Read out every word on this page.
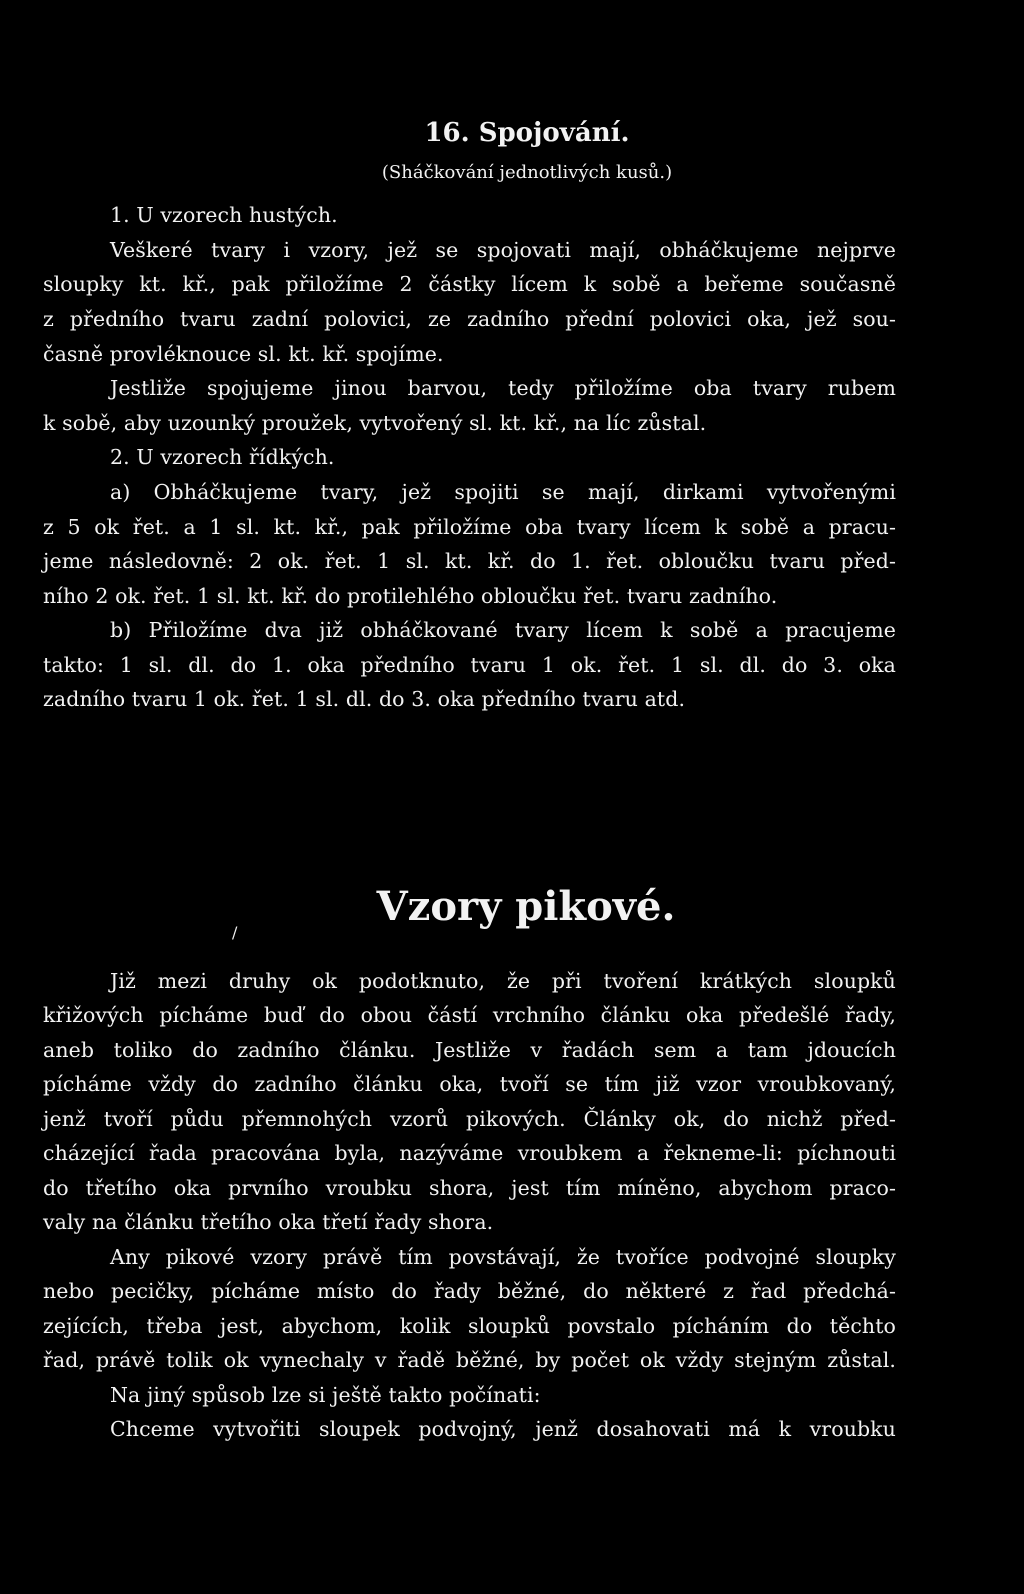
16. Spojování.
(Sháčkování jednotlivých kusů.)
1. U vzorech hustých.
Veškeré tvary i vzory, jež se spojovati mají, obháčkujeme nejprve
sloupky kt. kř., pak přiložíme 2 částky lícem k sobě a beřeme současně
z předního tvaru zadní polovici, ze zadního přední polovici oka, jež sou-
časně provléknouce sl. kt. kř. spojíme.
Jestliže spojujeme jinou barvou, tedy přiložíme oba tvary rubem
k sobě, aby uzounký proužek, vytvořený sl. kt. kř., na líc zůstal.
2. U vzorech řídkých.
a) Obháčkujeme tvary, jež spojiti se mají, dirkami vytvořenými
z 5 ok řet. a 1 sl. kt. kř., pak přiložíme oba tvary lícem k sobě a pracu-
jeme následovně: 2 ok. řet. 1 sl. kt. kř. do 1. řet. obloučku tvaru před-
ního 2 ok. řet. 1 sl. kt. kř. do protilehlého obloučku řet. tvaru zadního.
b) Přiložíme dva již obháčkované tvary lícem k sobě a pracujeme
takto: 1 sl. dl. do 1. oka předního tvaru 1 ok. řet. 1 sl. dl. do 3. oka
zadního tvaru 1 ok. řet. 1 sl. dl. do 3. oka předního tvaru atd.
Vzory pikové.
/
Již mezi druhy ok podotknuto, že při tvoření krátkých sloupků
křižových pícháme buď do obou částí vrchního článku oka předešlé řady,
aneb toliko do zadního článku. Jestliže v řadách sem a tam jdoucích
pícháme vždy do zadního článku oka, tvoří se tím již vzor vroubkovaný,
jenž tvoří půdu přemnohých vzorů pikových. Články ok, do nichž před-
cházející řada pracována byla, nazýváme vroubkem a řekneme-li: píchnouti
do třetího oka prvního vroubku shora, jest tím míněno, abychom praco-
valy na článku třetího oka třetí řady shora.
Any pikové vzory právě tím povstávají, že tvoříce podvojné sloupky
nebo pecičky, pícháme místo do řady běžné, do některé z řad předchá-
zejících, třeba jest, abychom, kolik sloupků povstalo pícháním do těchto
řad, právě tolik ok vynechaly v řadě běžné, by počet ok vždy stejným zůstal.
Na jiný spůsob lze si ještě takto počínati:
Chceme vytvořiti sloupek podvojný, jenž dosahovati má k vroubku
